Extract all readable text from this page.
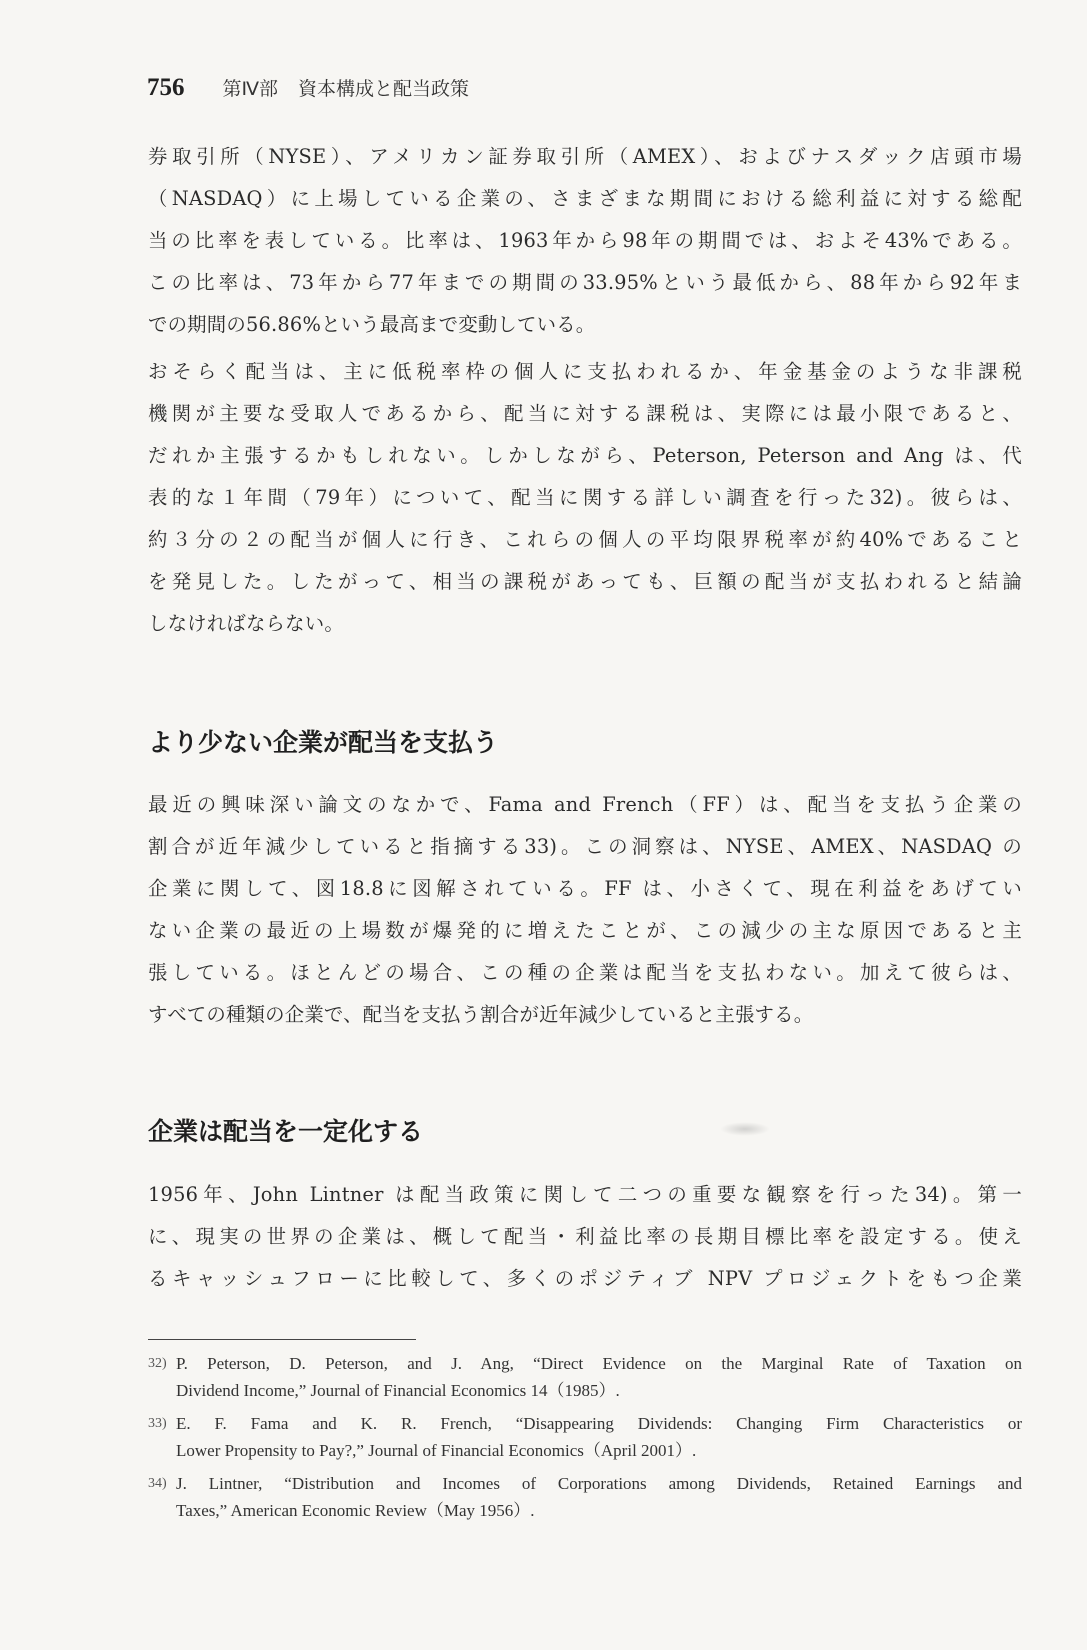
756 第Ⅳ部 資本構成と配当政策
券取引所（NYSE）、アメリカン証券取引所（AMEX）、およびナスダック店頭市場
（NASDAQ）に上場している企業の、さまざまな期間における総利益に対する総配
当の比率を表している。比率は、1963年から98年の期間では、およそ43%である。
この比率は、73年から77年までの期間の33.95%という最低から、88年から92年ま
での期間の56.86%という最高まで変動している。
おそらく配当は、主に低税率枠の個人に支払われるか、年金基金のような非課税
機関が主要な受取人であるから、配当に対する課税は、実際には最小限であると、
だれか主張するかもしれない。しかしながら、Peterson, Peterson and Ang は、代
表的な１年間（79年）について、配当に関する詳しい調査を行った32)。彼らは、
約３分の２の配当が個人に行き、これらの個人の平均限界税率が約40%であること
を発見した。したがって、相当の課税があっても、巨額の配当が支払われると結論
しなければならない。
より少ない企業が配当を支払う
最近の興味深い論文のなかで、Fama and French（FF）は、配当を支払う企業の
割合が近年減少していると指摘する33)。この洞察は、NYSE、AMEX、NASDAQ の
企業に関して、図18.8に図解されている。FF は、小さくて、現在利益をあげてい
ない企業の最近の上場数が爆発的に増えたことが、この減少の主な原因であると主
張している。ほとんどの場合、この種の企業は配当を支払わない。加えて彼らは、
すべての種類の企業で、配当を支払う割合が近年減少していると主張する。
企業は配当を一定化する
1956年、John Lintner は配当政策に関して二つの重要な観察を行った34)。第一
に、現実の世界の企業は、概して配当・利益比率の長期目標比率を設定する。使え
るキャッシュフローに比較して、多くのポジティブ NPV プロジェクトをもつ企業
32) P. Peterson, D. Peterson, and J. Ang, “Direct Evidence on the Marginal Rate of Taxation on
Dividend Income,” Journal of Financial Economics 14（1985）.
33) E. F. Fama and K. R. French, “Disappearing Dividends: Changing Firm Characteristics or
Lower Propensity to Pay?,” Journal of Financial Economics（April 2001）.
34) J. Lintner, “Distribution and Incomes of Corporations among Dividends, Retained Earnings and
Taxes,” American Economic Review（May 1956）.
